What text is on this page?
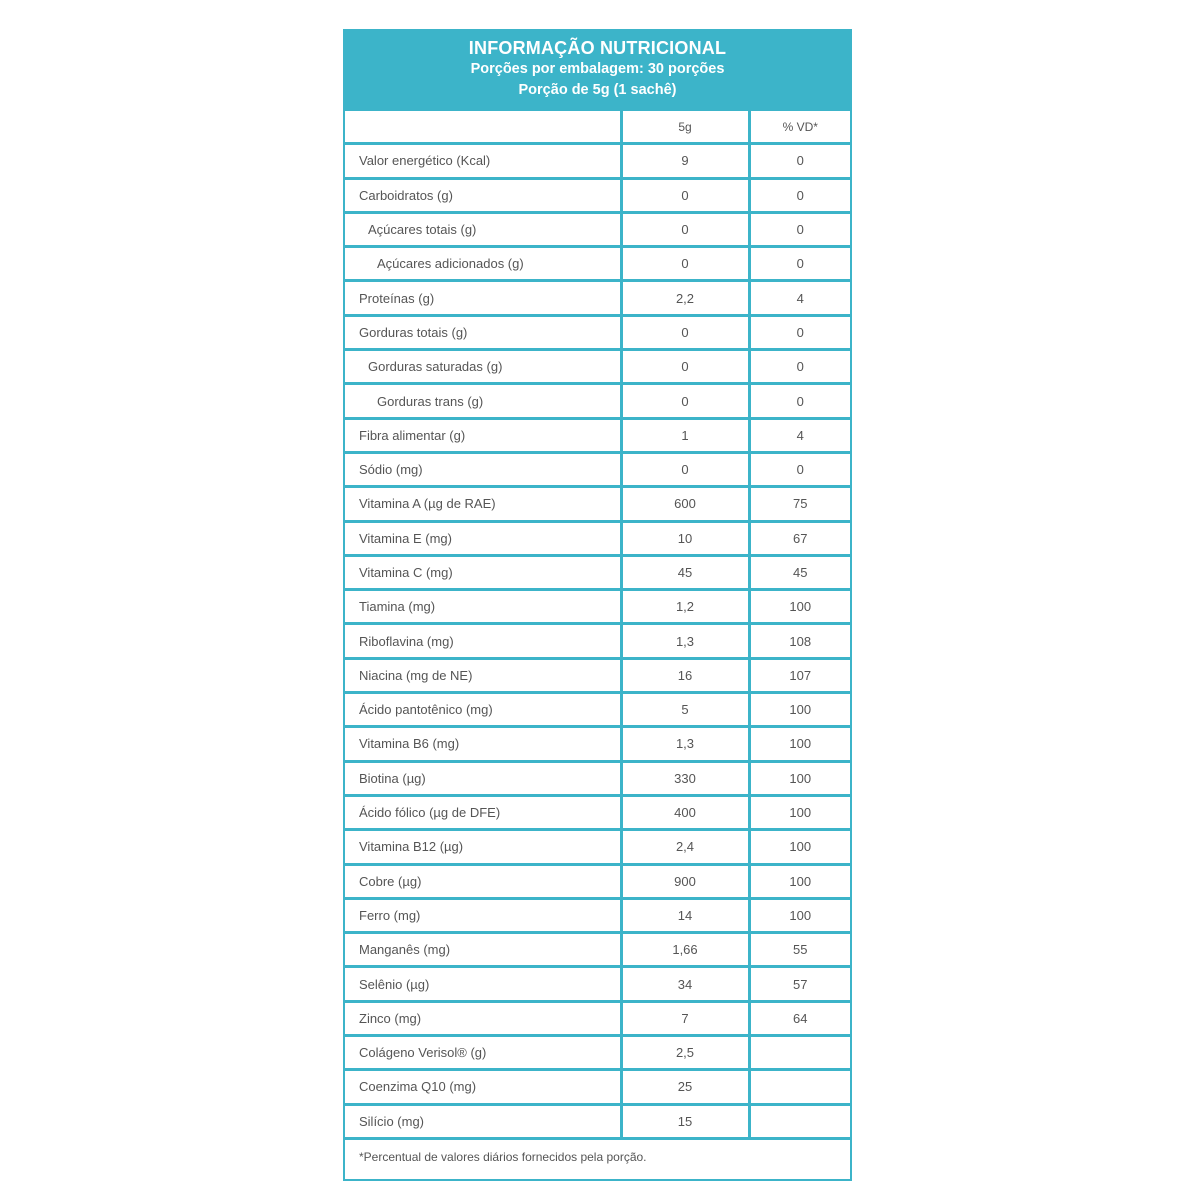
INFORMAÇÃO NUTRICIONAL
Porções por embalagem: 30 porções
Porção de 5g (1 sachê)
	5g	% VD*
Valor energético (Kcal)	9	0
Carboidratos (g)	0	0
Açúcares totais (g)	0	0
Açúcares adicionados (g)	0	0
Proteínas (g)	2,2	4
Gorduras totais (g)	0	0
Gorduras saturadas (g)	0	0
Gorduras trans (g)	0	0
Fibra alimentar (g)	1	4
Sódio (mg)	0	0
Vitamina A (µg de RAE)	600	75
Vitamina E (mg)	10	67
Vitamina C (mg)	45	45
Tiamina (mg)	1,2	100
Riboflavina (mg)	1,3	108
Niacina (mg de NE)	16	107
Ácido pantotênico (mg)	5	100
Vitamina B6 (mg)	1,3	100
Biotina (µg)	330	100
Ácido fólico (µg de DFE)	400	100
Vitamina B12 (µg)	2,4	100
Cobre (µg)	900	100
Ferro (mg)	14	100
Manganês (mg)	1,66	55
Selênio (µg)	34	57
Zinco (mg)	7	64
Colágeno Verisol® (g)	2,5	
Coenzima Q10 (mg)	25	
Silício (mg)	15	
*Percentual de valores diários fornecidos pela porção.
